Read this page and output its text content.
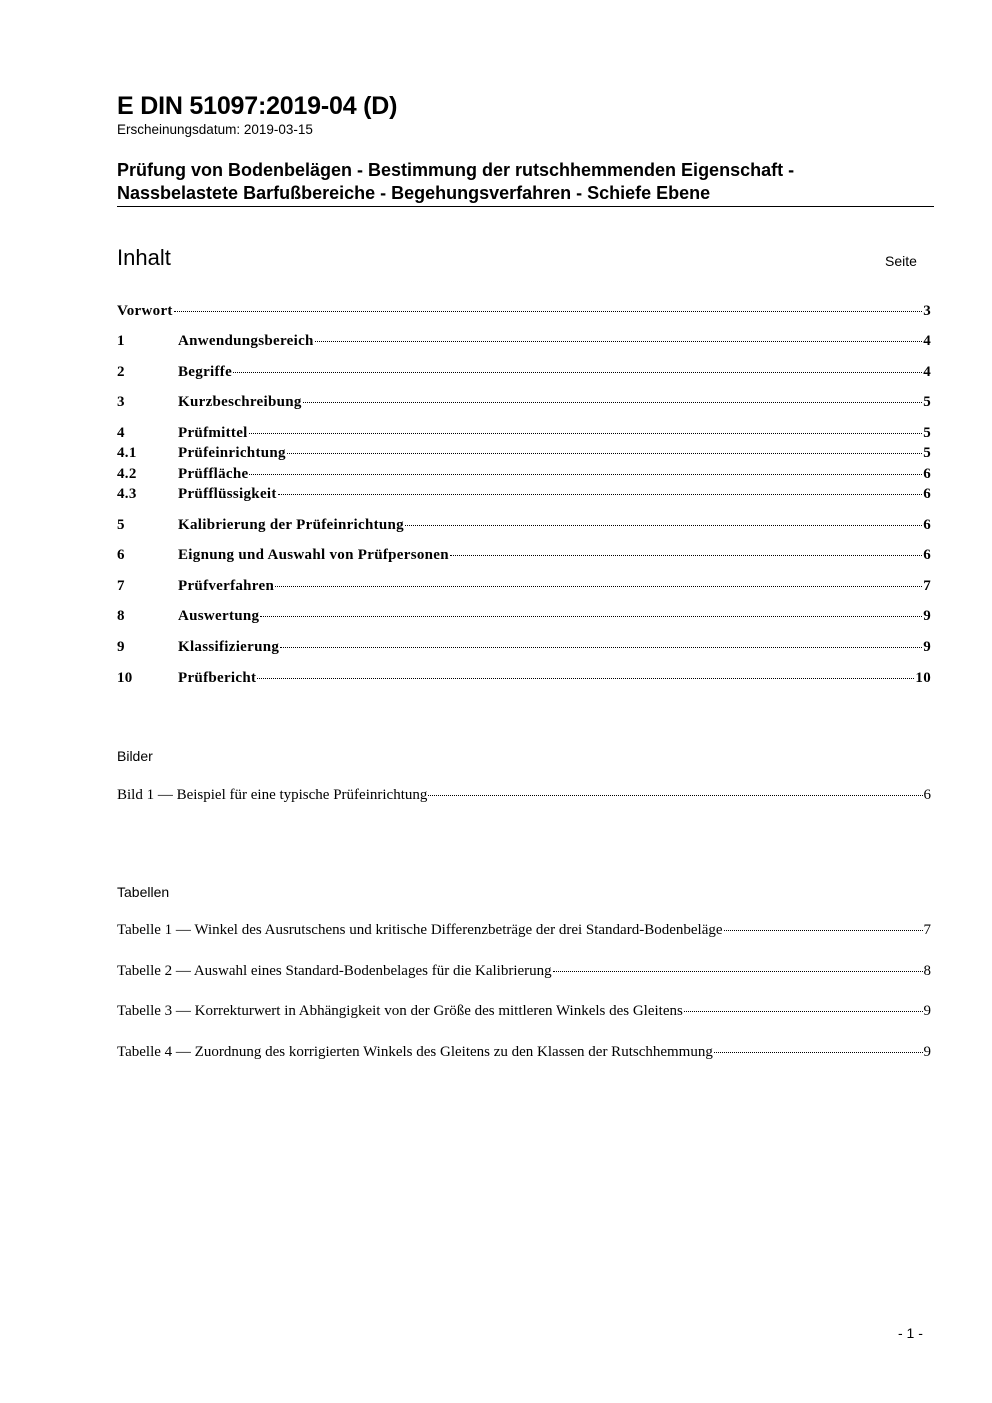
E DIN 51097:2019-04 (D)
Erscheinungsdatum: 2019-03-15
Prüfung von Bodenbelägen - Bestimmung der rutschhemmenden Eigenschaft -
Nassbelastete Barfußbereiche - Begehungsverfahren - Schiefe Ebene
Inhalt	Seite
Vorwort	3
1	Anwendungsbereich	4
2	Begriffe	4
3	Kurzbeschreibung	5
4	Prüfmittel	5
4.1	Prüfeinrichtung	5
4.2	Prüffläche	6
4.3	Prüfflüssigkeit	6
5	Kalibrierung der Prüfeinrichtung	6
6	Eignung und Auswahl von Prüfpersonen	6
7	Prüfverfahren	7
8	Auswertung	9
9	Klassifizierung	9
10	Prüfbericht	10
Bilder
Bild 1 — Beispiel für eine typische Prüfeinrichtung	6
Tabellen
Tabelle 1 — Winkel des Ausrutschens und kritische Differenzbeträge der drei Standard-Bodenbeläge	7
Tabelle 2 — Auswahl eines Standard-Bodenbelages für die Kalibrierung	8
Tabelle 3 — Korrekturwert in Abhängigkeit von der Größe des mittleren Winkels des Gleitens	9
Tabelle 4 — Zuordnung des korrigierten Winkels des Gleitens zu den Klassen der Rutschhemmung	9
- 1 -
